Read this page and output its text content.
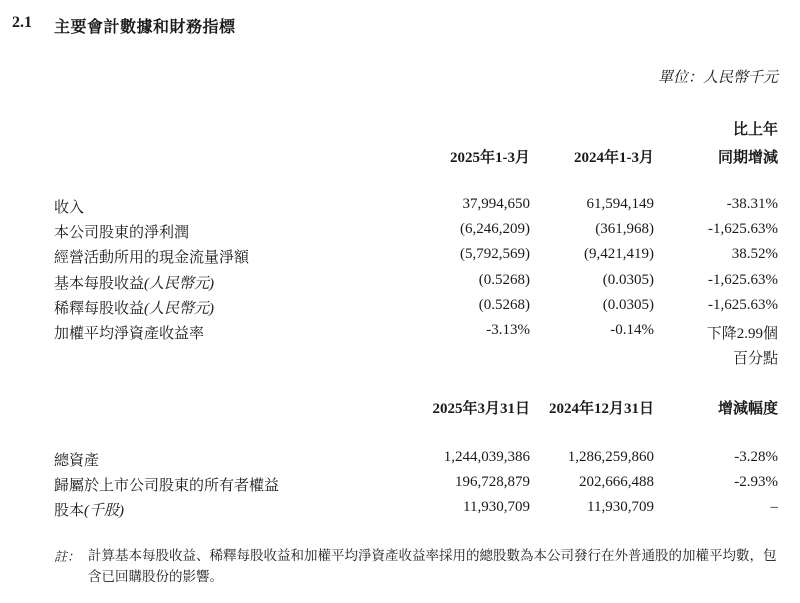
2.1 主要會計數據和財務指標
單位：人民幣千元
比上年
2025年1-3月	2024年1-3月	同期增減
收入	37,994,650	61,594,149	-38.31%
本公司股東的淨利潤	(6,246,209)	(361,968)	-1,625.63%
經營活動所用的現金流量淨額	(5,792,569)	(9,421,419)	38.52%
基本每股收益(人民幣元)	(0.5268)	(0.0305)	-1,625.63%
稀釋每股收益(人民幣元)	(0.5268)	(0.0305)	-1,625.63%
加權平均淨資產收益率	-3.13%	-0.14%	下降2.99個
百分點
2025年3月31日 2024年12月31日	增減幅度
總資產	1,244,039,386	1,286,259,860	-3.28%
歸屬於上市公司股東的所有者權益	196,728,879	202,666,488	-2.93%
股本(千股)	11,930,709	11,930,709	–
註： 計算基本每股收益、稀釋每股收益和加權平均淨資產收益率採用的總股數為本公司發行在外普通股的加權平均數，包含已回購股份的影響。
